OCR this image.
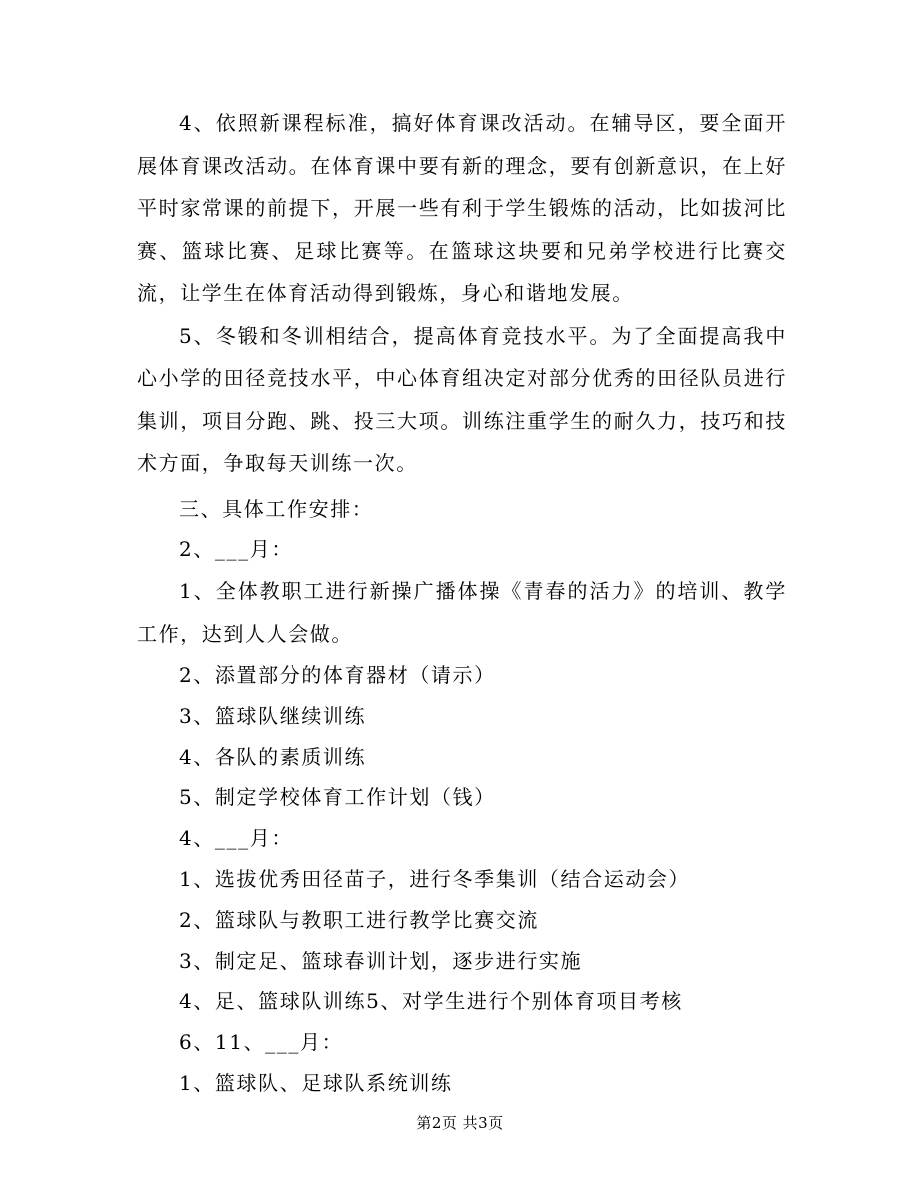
4、依照新课程标准，搞好体育课改活动。在辅导区，要全面开展体育课改活动。在体育课中要有新的理念，要有创新意识，在上好平时家常课的前提下，开展一些有利于学生锻炼的活动，比如拔河比赛、篮球比赛、足球比赛等。在篮球这块要和兄弟学校进行比赛交流，让学生在体育活动得到锻炼，身心和谐地发展。

5、冬锻和冬训相结合，提高体育竞技水平。为了全面提高我中心小学的田径竞技水平，中心体育组决定对部分优秀的田径队员进行集训，项目分跑、跳、投三大项。训练注重学生的耐久力，技巧和技术方面，争取每天训练一次。

三、具体工作安排：

2、___月：

1、全体教职工进行新操广播体操《青春的活力》的培训、教学工作，达到人人会做。

2、添置部分的体育器材（请示）

3、篮球队继续训练

4、各队的素质训练

5、制定学校体育工作计划（钱）

4、___月：

1、选拔优秀田径苗子，进行冬季集训（结合运动会）

2、篮球队与教职工进行教学比赛交流

3、制定足、篮球春训计划，逐步进行实施

4、足、篮球队训练5、对学生进行个别体育项目考核

6、11、___月：

1、篮球队、足球队系统训练

第2页 共3页
